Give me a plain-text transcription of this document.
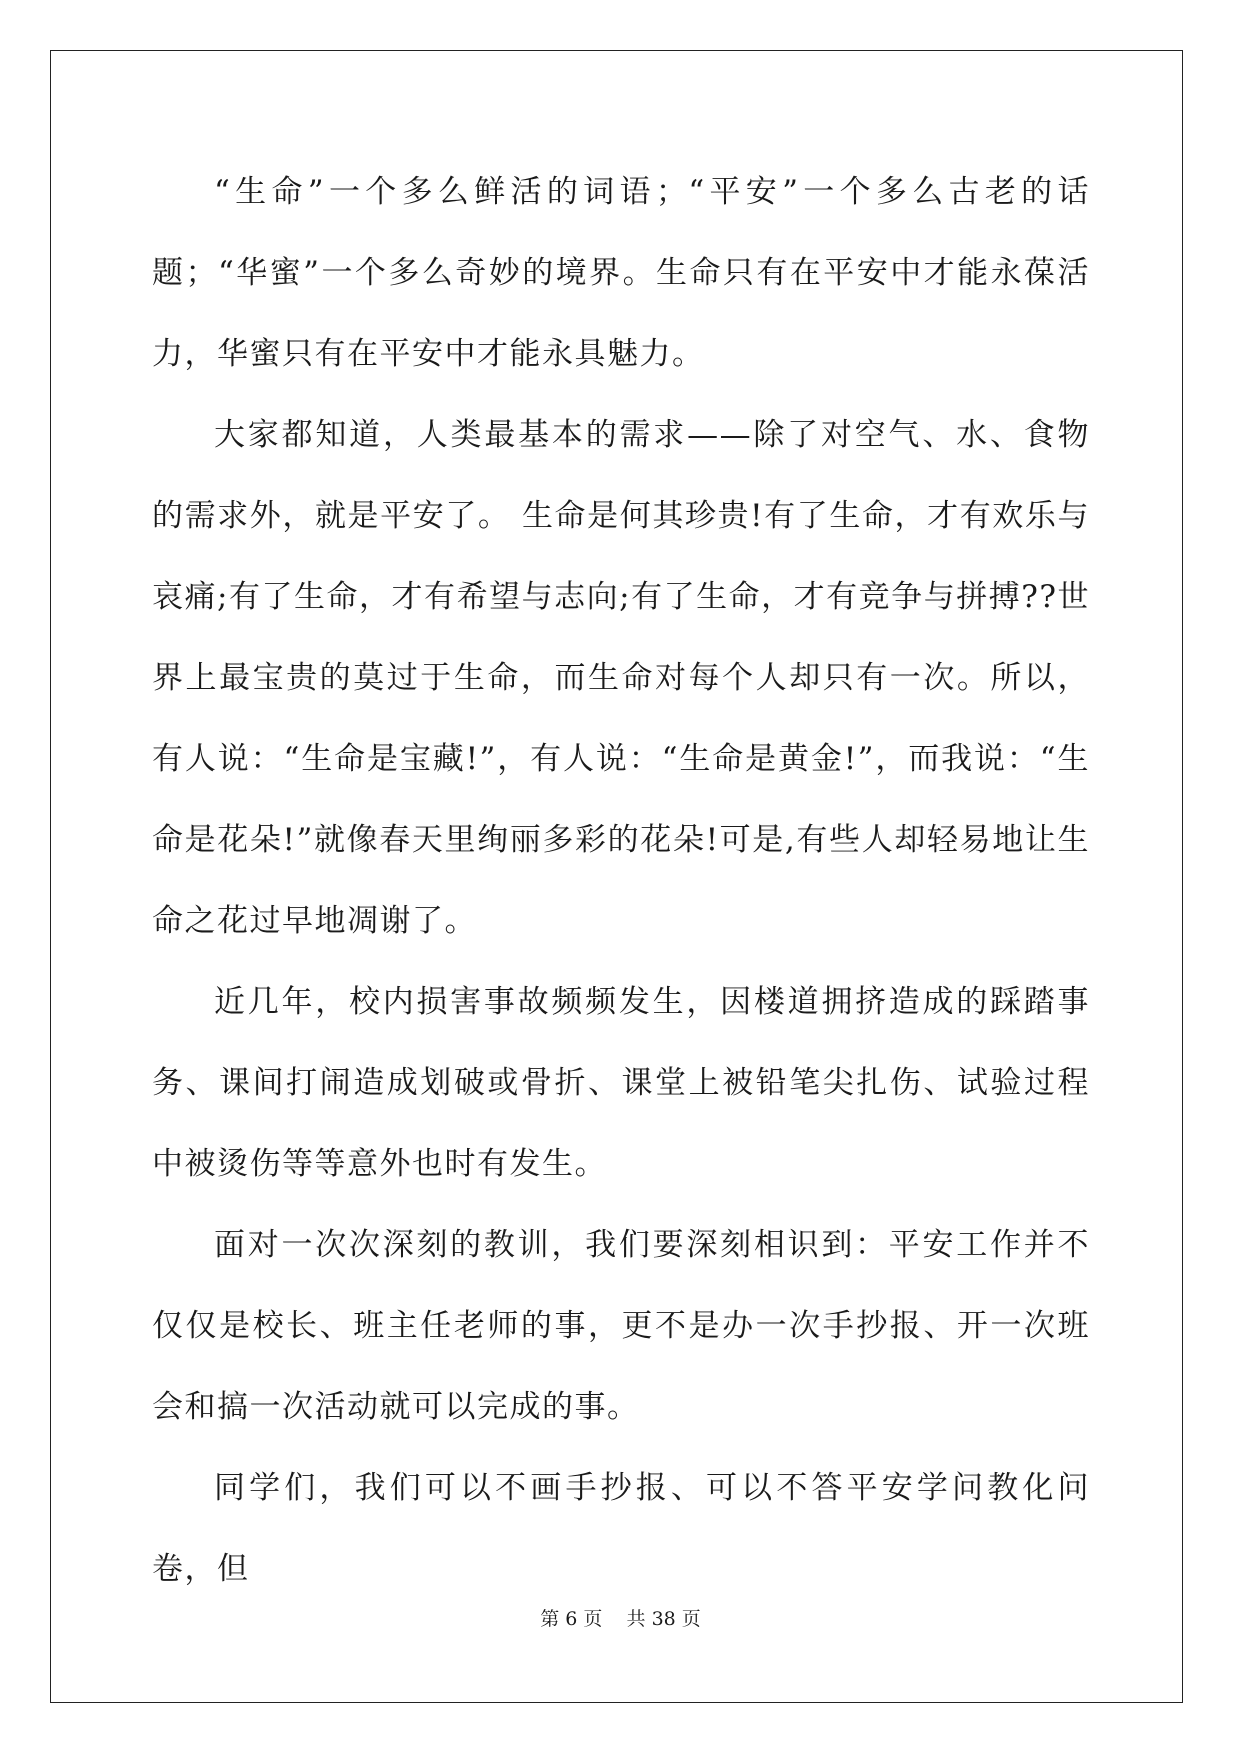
“生命”一个多么鲜活的词语；“平安”一个多么古老的话题；“华蜜”一个多么奇妙的境界。生命只有在平安中才能永葆活力，华蜜只有在平安中才能永具魅力。

大家都知道，人类最基本的需求——除了对空气、水、食物的需求外，就是平安了。 生命是何其珍贵!有了生命，才有欢乐与哀痛;有了生命，才有希望与志向;有了生命，才有竞争与拼搏??世界上最宝贵的莫过于生命，而生命对每个人却只有一次。所以，有人说：“生命是宝藏!”，有人说：“生命是黄金!”，而我说：“生命是花朵!”就像春天里绚丽多彩的花朵!可是,有些人却轻易地让生命之花过早地凋谢了。

近几年，校内损害事故频频发生，因楼道拥挤造成的踩踏事务、课间打闹造成划破或骨折、课堂上被铅笔尖扎伤、试验过程中被烫伤等等意外也时有发生。

面对一次次深刻的教训，我们要深刻相识到：平安工作并不仅仅是校长、班主任老师的事，更不是办一次手抄报、开一次班会和搞一次活动就可以完成的事。

同学们，我们可以不画手抄报、可以不答平安学问教化问卷，但

第 6 页    共 38 页
